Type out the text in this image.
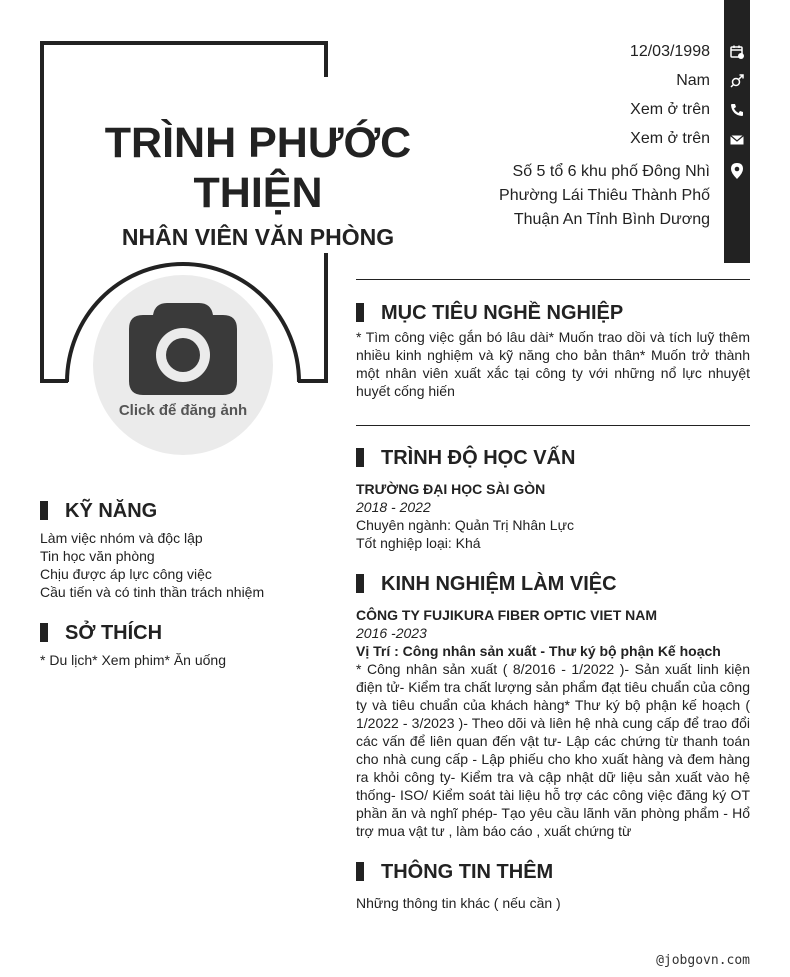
TRÌNH PHƯỚC THIỆN
NHÂN VIÊN VĂN PHÒNG
Click để đăng ảnh
12/03/1998
Nam
Xem ở trên
Xem ở trên
Số 5 tổ 6 khu phố Đông Nhì
Phường Lái Thiêu Thành Phố
Thuận An Tỉnh Bình Dương
MỤC TIÊU NGHỀ NGHIỆP
* Tìm công việc gắn bó lâu dài* Muốn trao dồi và tích luỹ thêm nhiều kinh nghiệm và kỹ năng cho bản thân* Muốn trở thành một nhân viên xuất xắc tại công ty với những nổ lực nhuyệt huyết cống hiến
TRÌNH ĐỘ HỌC VẤN
TRƯỜNG ĐẠI HỌC SÀI GÒN
2018 - 2022
Chuyên ngành: Quản Trị Nhân Lực
Tốt nghiệp loại: Khá
KINH NGHIỆM LÀM VIỆC
CÔNG TY FUJIKURA FIBER OPTIC VIET NAM
2016 -2023
Vị Trí : Công nhân sản xuất - Thư ký bộ phận Kế hoạch
* Công nhân sản xuất ( 8/2016 - 1/2022 )- Sản xuất linh kiện điện tử- Kiểm tra chất lượng sản phẩm đạt tiêu chuẩn của công ty và tiêu chuẩn của khách hàng* Thư ký bộ phận kế hoạch ( 1/2022 - 3/2023 )- Theo dõi và liên hệ nhà cung cấp để trao đổi các vấn để liên quan đến vật tư- Lập các chứng từ thanh toán cho nhà cung cấp - Lập phiếu cho kho xuất hàng và đem hàng ra khỏi công ty- Kiểm tra và cập nhật dữ liệu sản xuất vào hệ thống- ISO/ Kiểm soát tài liệu hỗ trợ các công việc đăng ký OT phần ăn và nghĩ phép- Tạo yêu cầu lãnh văn phòng phẩm - Hổ trợ mua vật tư , làm báo cáo , xuất chứng từ
THÔNG TIN THÊM
Những thông tin khác ( nếu cần )
KỸ NĂNG
Làm việc nhóm và độc lập
Tin học văn phòng
Chịu được áp lực công việc
Cầu tiến và có tinh thần trách nhiệm
SỞ THÍCH
* Du lịch* Xem phim* Ăn uống
@jobgovn.com
